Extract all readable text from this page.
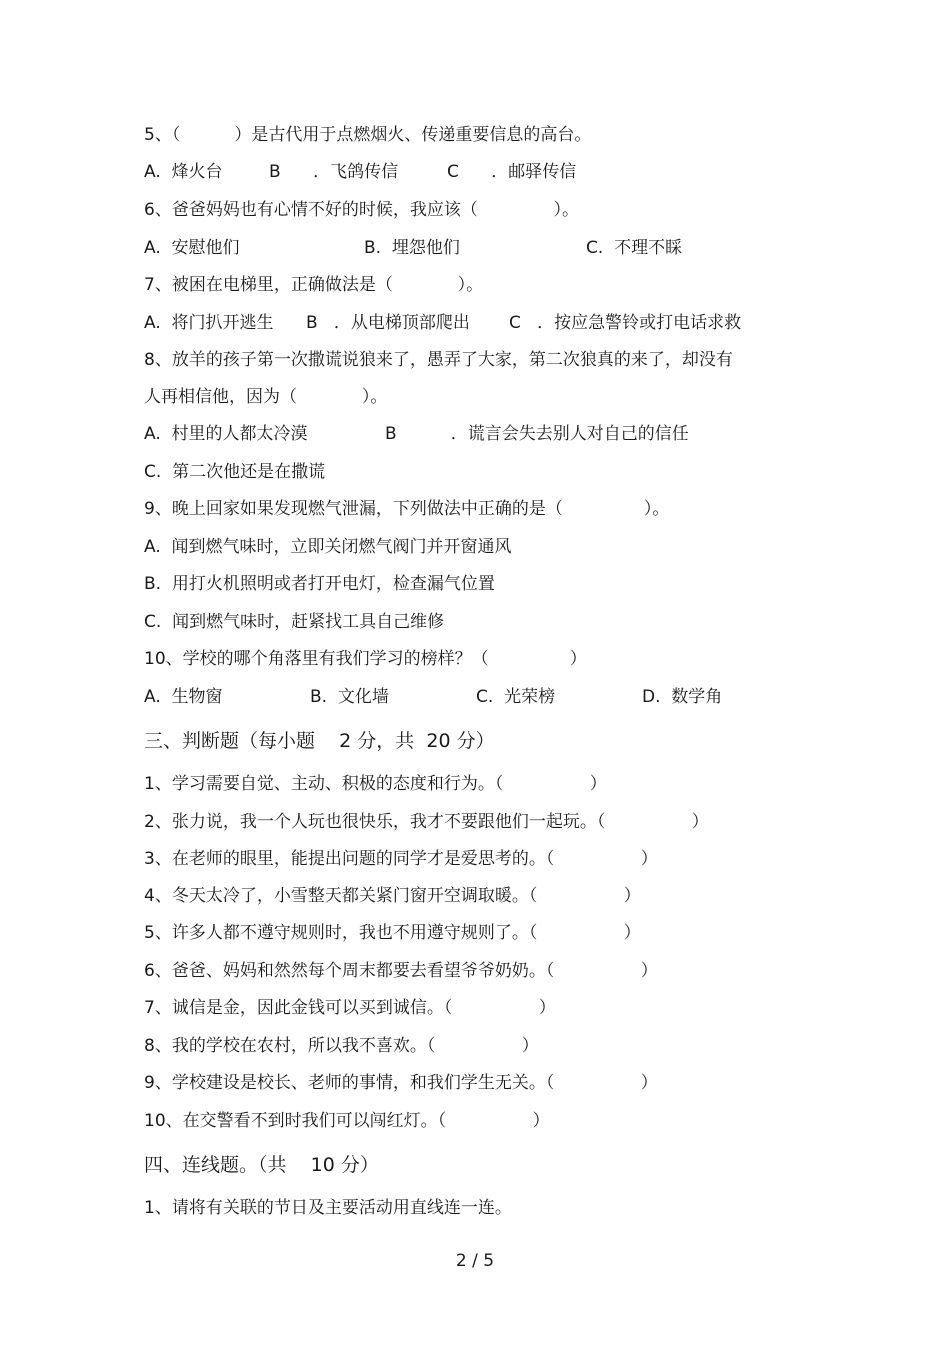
5、（          ）是古代用于点燃烟火、传递重要信息的高台。
A.  烽火台	B      ．飞鸽传信	C      ．邮驿传信
6、爸爸妈妈也有心情不好的时候，我应该（              ）。
A.  安慰他们	B.  埋怨他们	C.  不理不睬
7、被困在电梯里，正确做法是（            ）。
A.  将门扒开逃生 B   ．从电梯顶部爬出 C   ．按应急警铃或打电话求救
8、放羊的孩子第一次撒谎说狼来了，愚弄了大家，第二次狼真的来了，却没有
人再相信他，因为（            ）。
A.  村里的人都太冷漠	B          ．谎言会失去别人对自己的信任
C.  第二次他还是在撒谎
9、晚上回家如果发现燃气泄漏，下列做法中正确的是（               ）。
A.  闻到燃气味时，立即关闭燃气阀门并开窗通风
B.  用打火机照明或者打开电灯，检查漏气位置
C.  闻到燃气味时，赶紧找工具自己维修
10、学校的哪个角落里有我们学习的榜样？（               ）
A.  生物窗	B.  文化墙	C.  光荣榜	D.  数学角
三、判断题（每小题    2 分，共  20 分）
1、学习需要自觉、主动、积极的态度和行为。（                ）
2、张力说，我一个人玩也很快乐，我才不要跟他们一起玩。（                ）
3、在老师的眼里，能提出问题的同学才是爱思考的。（                ）
4、冬天太冷了，小雪整天都关紧门窗开空调取暖。（                ）
5、许多人都不遵守规则时，我也不用遵守规则了。（                ）
6、爸爸、妈妈和然然每个周末都要去看望爷爷奶奶。（                ）
7、诚信是金，因此金钱可以买到诚信。（                ）
8、我的学校在农村，所以我不喜欢。（                ）
9、学校建设是校长、老师的事情，和我们学生无关。（                ）
10、在交警看不到时我们可以闯红灯。（                ）
四、连线题。（共    10 分）
1、请将有关联的节日及主要活动用直线连一连。
2 / 5
